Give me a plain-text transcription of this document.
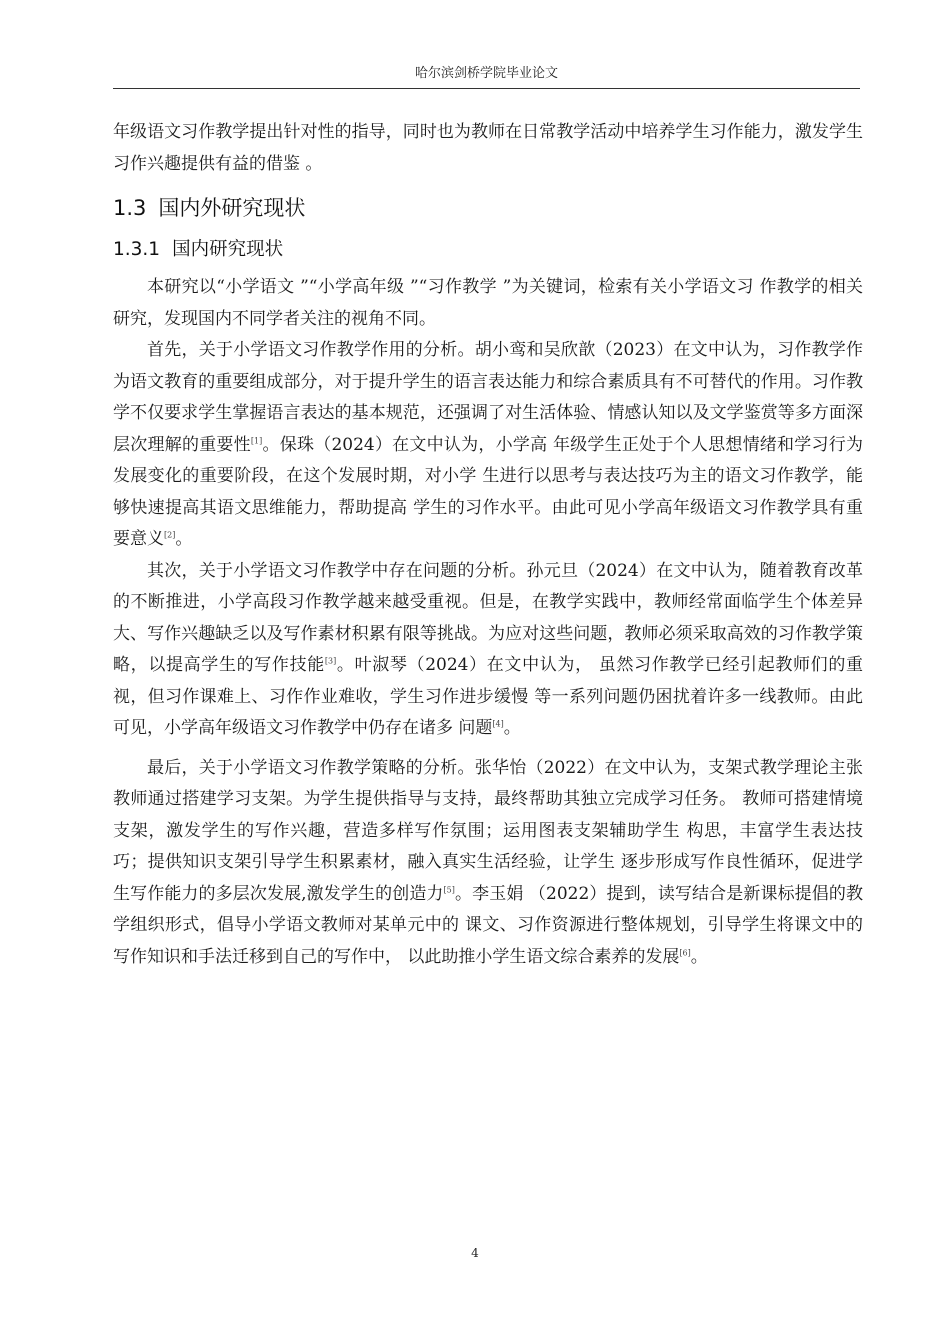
哈尔滨剑桥学院毕业论文

年级语文习作教学提出针对性的指导，同时也为教师在日常教学活动中培养学生习作能力，激发学生习作兴趣提供有益的借鉴 。

1.3 国内外研究现状
1.3.1 国内研究现状

本研究以“小学语文 ”“小学高年级 ”“习作教学 ”为关键词，检索有关小学语文习 作教学的相关研究，发现国内不同学者关注的视角不同。

首先，关于小学语文习作教学作用的分析。胡小鸾和吴欣歆（2023）在文中认为，习作教学作为语文教育的重要组成部分，对于提升学生的语言表达能力和综合素质具有不可替代的作用。习作教学不仅要求学生掌握语言表达的基本规范，还强调了对生活体验、情感认知以及文学鉴赏等多方面深层次理解的重要性[1]。保珠（2024）在文中认为，小学高 年级学生正处于个人思想情绪和学习行为发展变化的重要阶段，在这个发展时期，对小学 生进行以思考与表达技巧为主的语文习作教学，能够快速提高其语文思维能力，帮助提高 学生的习作水平。由此可见小学高年级语文习作教学具有重要意义[2]。

其次，关于小学语文习作教学中存在问题的分析。孙元旦（2024）在文中认为，随着教育改革的不断推进，小学高段习作教学越来越受重视。但是，在教学实践中，教师经常面临学生个体差异大、写作兴趣缺乏以及写作素材积累有限等挑战。为应对这些问题，教师必须采取高效的习作教学策略，以提高学生的写作技能[3]。叶淑琴（2024）在文中认为， 虽然习作教学已经引起教师们的重视，但习作课难上、习作作业难收，学生习作进步缓慢 等一系列问题仍困扰着许多一线教师。由此可见，小学高年级语文习作教学中仍存在诸多 问题[4]。

最后，关于小学语文习作教学策略的分析。张华怡（2022）在文中认为，支架式教学理论主张教师通过搭建学习支架。为学生提供指导与支持，最终帮助其独立完成学习任务。 教师可搭建情境支架，激发学生的写作兴趣，营造多样写作氛围；运用图表支架辅助学生 构思，丰富学生表达技巧；提供知识支架引导学生积累素材，融入真实生活经验，让学生 逐步形成写作良性循环，促进学生写作能力的多层次发展,激发学生的创造力[5]。李玉娟 （2022）提到，读写结合是新课标提倡的教学组织形式，倡导小学语文教师对某单元中的 课文、习作资源进行整体规划，引导学生将课文中的写作知识和手法迁移到自己的写作中， 以此助推小学生语文综合素养的发展[6]。

4
